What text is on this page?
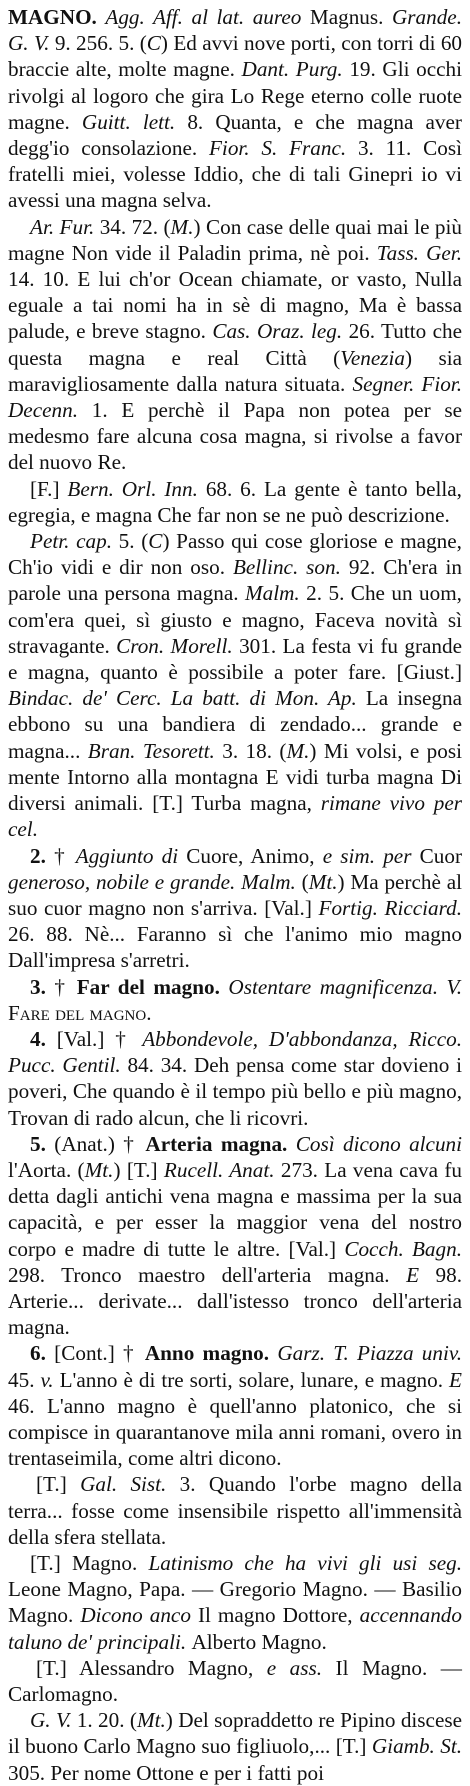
MAGNO. Agg. Aff. al lat. aureo Magnus. Grande. G. V. 9. 256. 5. (C) Ed avvi nove porti, con torri di 60 braccie alte, molte magne. Dant. Purg. 19. Gli occhi rivolgi al logoro che gira Lo Rege eterno colle ruote magne. Guitt. lett. 8. Quanta, e che magna aver degg'io consolazione. Fior. S. Franc. 3. 11. Così fratelli miei, volesse Iddio, che di tali Ginepri io vi avessi una magna selva.

Ar. Fur. 34. 72. (M.) Con case delle quai mai le più magne Non vide il Paladin prima, nè poi. Tass. Ger. 14. 10. E lui ch'or Ocean chiamate, or vasto, Nulla eguale a tai nomi ha in sè di magno, Ma è bassa palude, e breve stagno. Cas. Oraz. leg. 26. Tutto che questa magna e real Città (Venezia) sia maravigliosamente dalla natura situata. Segner. Fior. Decenn. 1. E perchè il Papa non potea per se medesmo fare alcuna cosa magna, si rivolse a favor del nuovo Re.

[F.] Bern. Orl. Inn. 68. 6. La gente è tanto bella, egregia, e magna Che far non se ne può descrizione.

Petr. cap. 5. (C) Passo qui cose gloriose e magne, Ch'io vidi e dir non oso. Bellinc. son. 92. Ch'era in parole una persona magna. Malm. 2. 5. Che un uom, com'era quei, sì giusto e magno, Faceva novità sì stravagante. Cron. Morell. 301. La festa vi fu grande e magna, quanto è possibile a poter fare. [Giust.] Bindac. de' Cerc. La batt. di Mon. Ap. La insegna ebbono su una bandiera di zendado... grande e magna... Bran. Tesorett. 3. 18. (M.) Mi volsi, e posi mente Intorno alla montagna E vidi turba magna Di diversi animali. [T.] Turba magna, rimane vivo per cel.

2. † Aggiunto di Cuore, Animo, e sim. per Cuor generoso, nobile e grande. Malm. (Mt.) Ma perchè al suo cuor magno non s'arriva. [Val.] Fortig. Ricciard. 26. 88. Nè... Faranno sì che l'animo mio magno Dall'impresa s'arretri.

3. † Far del magno. Ostentare magnificenza. V. Fare del magno.

4. [Val.] † Abbondevole, D'abbondanza, Ricco. Pucc. Gentil. 84. 34. Deh pensa come star dovieno i poveri, Che quando è il tempo più bello e più magno, Trovan di rado alcun, che li ricovri.

5. (Anat.) † Arteria magna. Così dicono alcuni l'Aorta. (Mt.) [T.] Rucell. Anat. 273. La vena cava fu detta dagli antichi vena magna e massima per la sua capacità, e per esser la maggior vena del nostro corpo e madre di tutte le altre. [Val.] Cocch. Bagn. 298. Tronco maestro dell'arteria magna. E 98. Arterie... derivate... dall'istesso tronco dell'arteria magna.

6. [Cont.] † Anno magno. Garz. T. Piazza univ. 45. v. L'anno è di tre sorti, solare, lunare, e magno. E 46. L'anno magno è quell'anno platonico, che si compisce in quarantanove mila anni romani, overo in trentaseimila, come altri dicono.

[T.] Gal. Sist. 3. Quando l'orbe magno della terra... fosse come insensibile rispetto all'immensità della sfera stellata.

[T.] Magno. Latinismo che ha vivi gli usi seg. Leone Magno, Papa. — Gregorio Magno. — Basilio Magno. Dicono anco Il magno Dottore, accennando taluno de' principali. Alberto Magno.

[T.] Alessandro Magno, e ass. Il Magno. — Carlomagno.

G. V. 1. 20. (Mt.) Del sopraddetto re Pipino discese il buono Carlo Magno suo figliuolo,... [T.] Giamb. St. 305. Per nome Ottone e per i fatti poi
